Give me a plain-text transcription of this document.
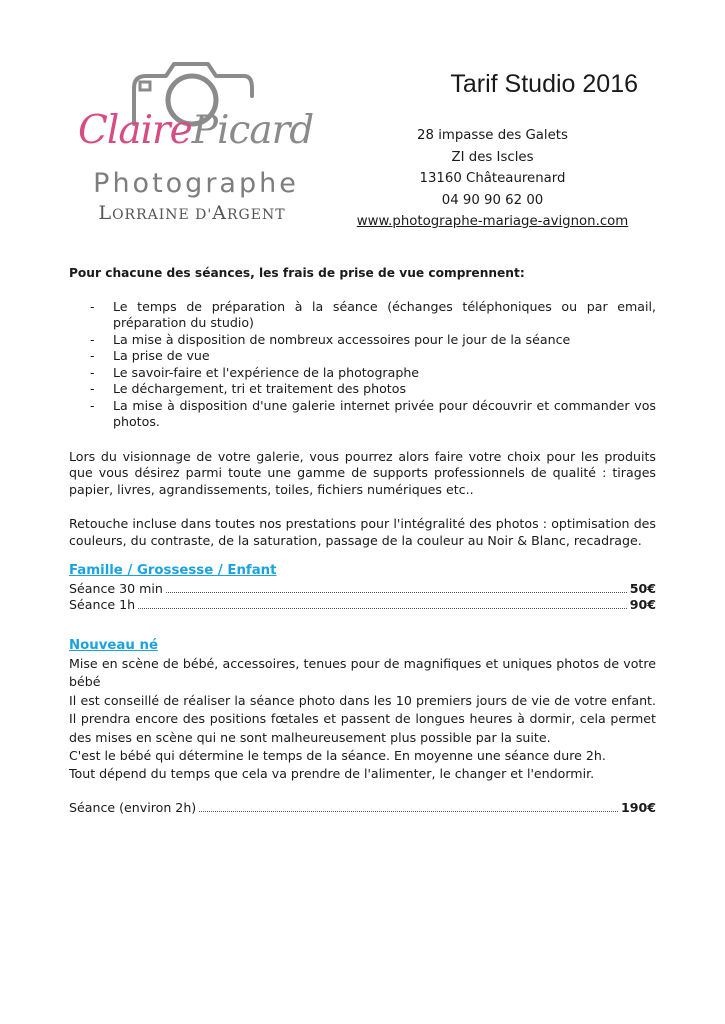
ClairePicard
Photographe
LORRAINE D'ARGENT
Tarif Studio 2016
28 impasse des Galets
ZI des Iscles
13160 Châteaurenard
04 90 90 62 00
www.photographe-mariage-avignon.com

Pour chacune des séances, les frais de prise de vue comprennent:

- Le temps de préparation à la séance (échanges téléphoniques ou par email, préparation du studio)
- La mise à disposition de nombreux accessoires pour le jour de la séance
- La prise de vue
- Le savoir-faire et l'expérience de la photographe
- Le déchargement, tri et traitement des photos
- La mise à disposition d'une galerie internet privée pour découvrir et commander vos photos.

Lors du visionnage de votre galerie, vous pourrez alors faire votre choix pour les produits que vous désirez parmi toute une gamme de supports professionnels de qualité : tirages papier, livres, agrandissements, toiles, fichiers numériques etc..

Retouche incluse dans toutes nos prestations pour l'intégralité des photos : optimisation des couleurs, du contraste, de la saturation, passage de la couleur au Noir & Blanc, recadrage.

Famille / Grossesse / Enfant
Séance 30 min	50€
Séance 1h	90€
Nouveau né

Mise en scène de bébé, accessoires, tenues pour de magnifiques et uniques photos de votre bébé

Il est conseillé de réaliser la séance photo dans les 10 premiers jours de vie de votre enfant. Il prendra encore des positions fœtales et passent de longues heures à dormir, cela permet des mises en scène qui ne sont malheureusement plus possible par la suite.

C'est le bébé qui détermine le temps de la séance. En moyenne une séance dure 2h.

Tout dépend du temps que cela va prendre de l'alimenter, le changer et l'endormir.

Séance (environ 2h)	190€
